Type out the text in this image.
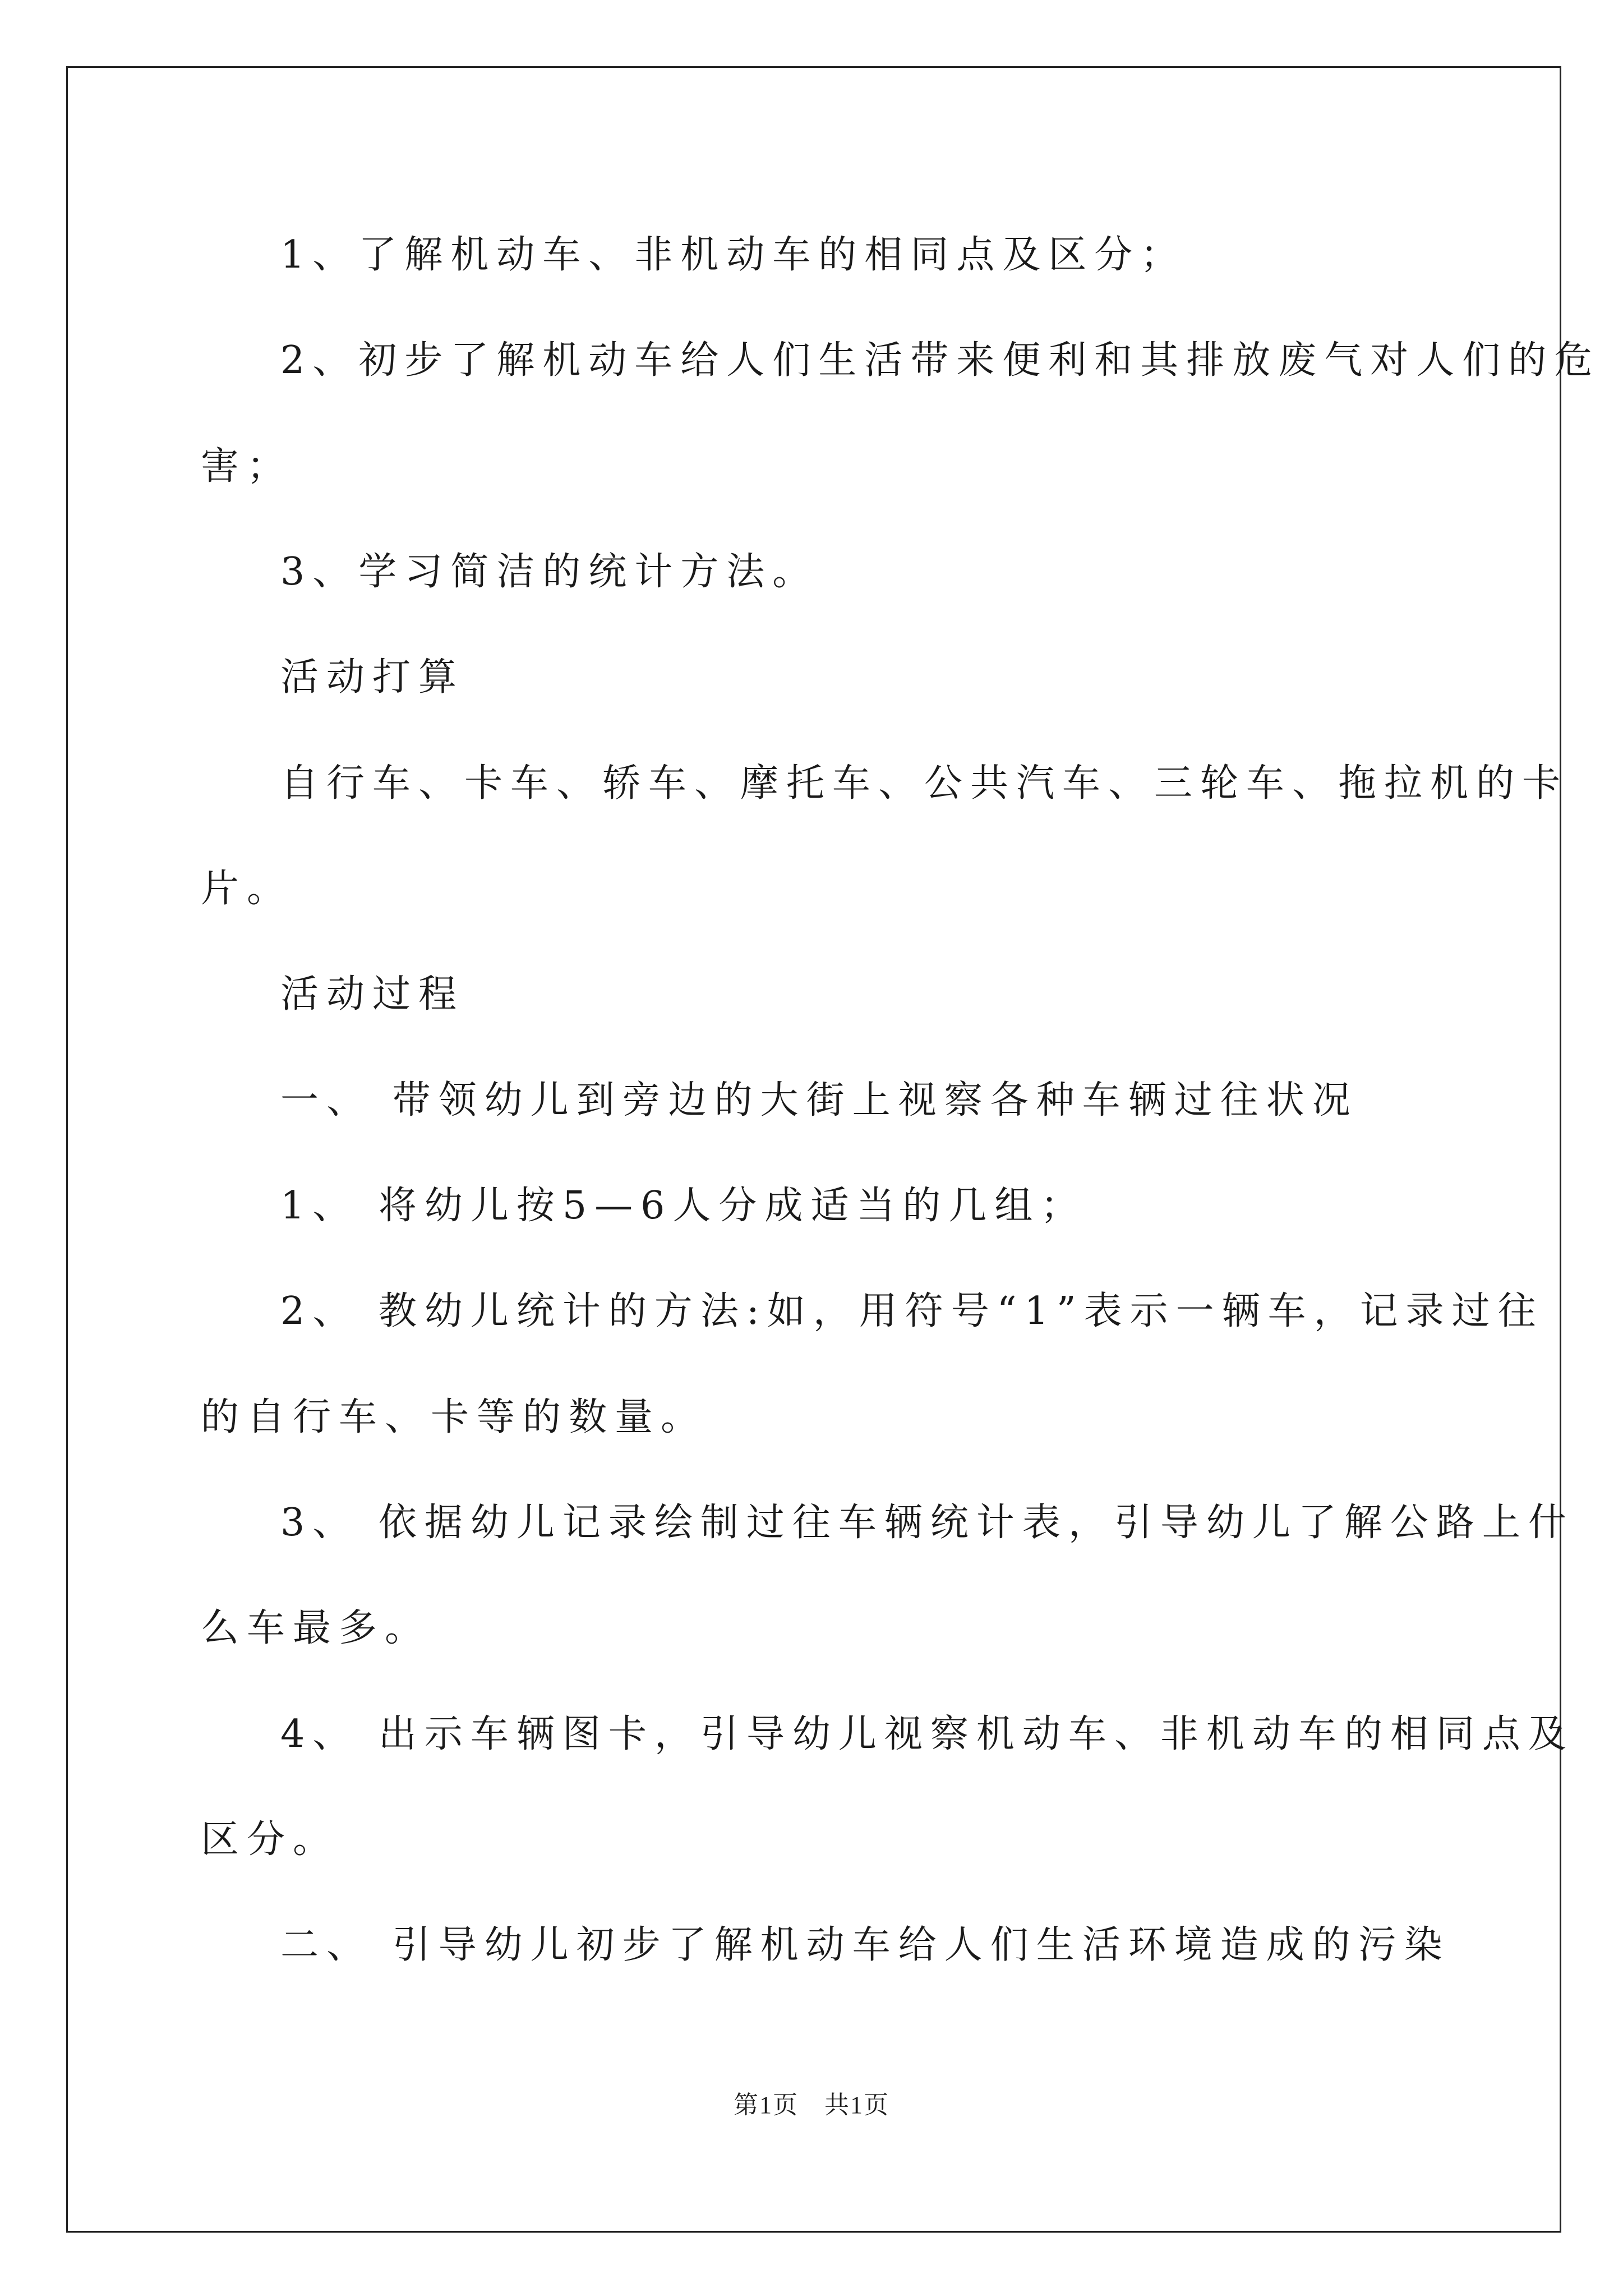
1、了解机动车、非机动车的相同点及区分；
2、初步了解机动车给人们生活带来便利和其排放废气对人们的危
害；
3、学习简洁的统计方法。
活动打算
自行车、卡车、轿车、摩托车、公共汽车、三轮车、拖拉机的卡
片。
活动过程
一、 带领幼儿到旁边的大街上视察各种车辆过往状况
1、 将幼儿按5—6人分成适当的几组；
2、 教幼儿统计的方法:如，用符号“1”表示一辆车，记录过往
的自行车、卡等的数量。
3、 依据幼儿记录绘制过往车辆统计表，引导幼儿了解公路上什
么车最多。
4、 出示车辆图卡，引导幼儿视察机动车、非机动车的相同点及
区分。
二、 引导幼儿初步了解机动车给人们生活环境造成的污染
第1页　共1页
